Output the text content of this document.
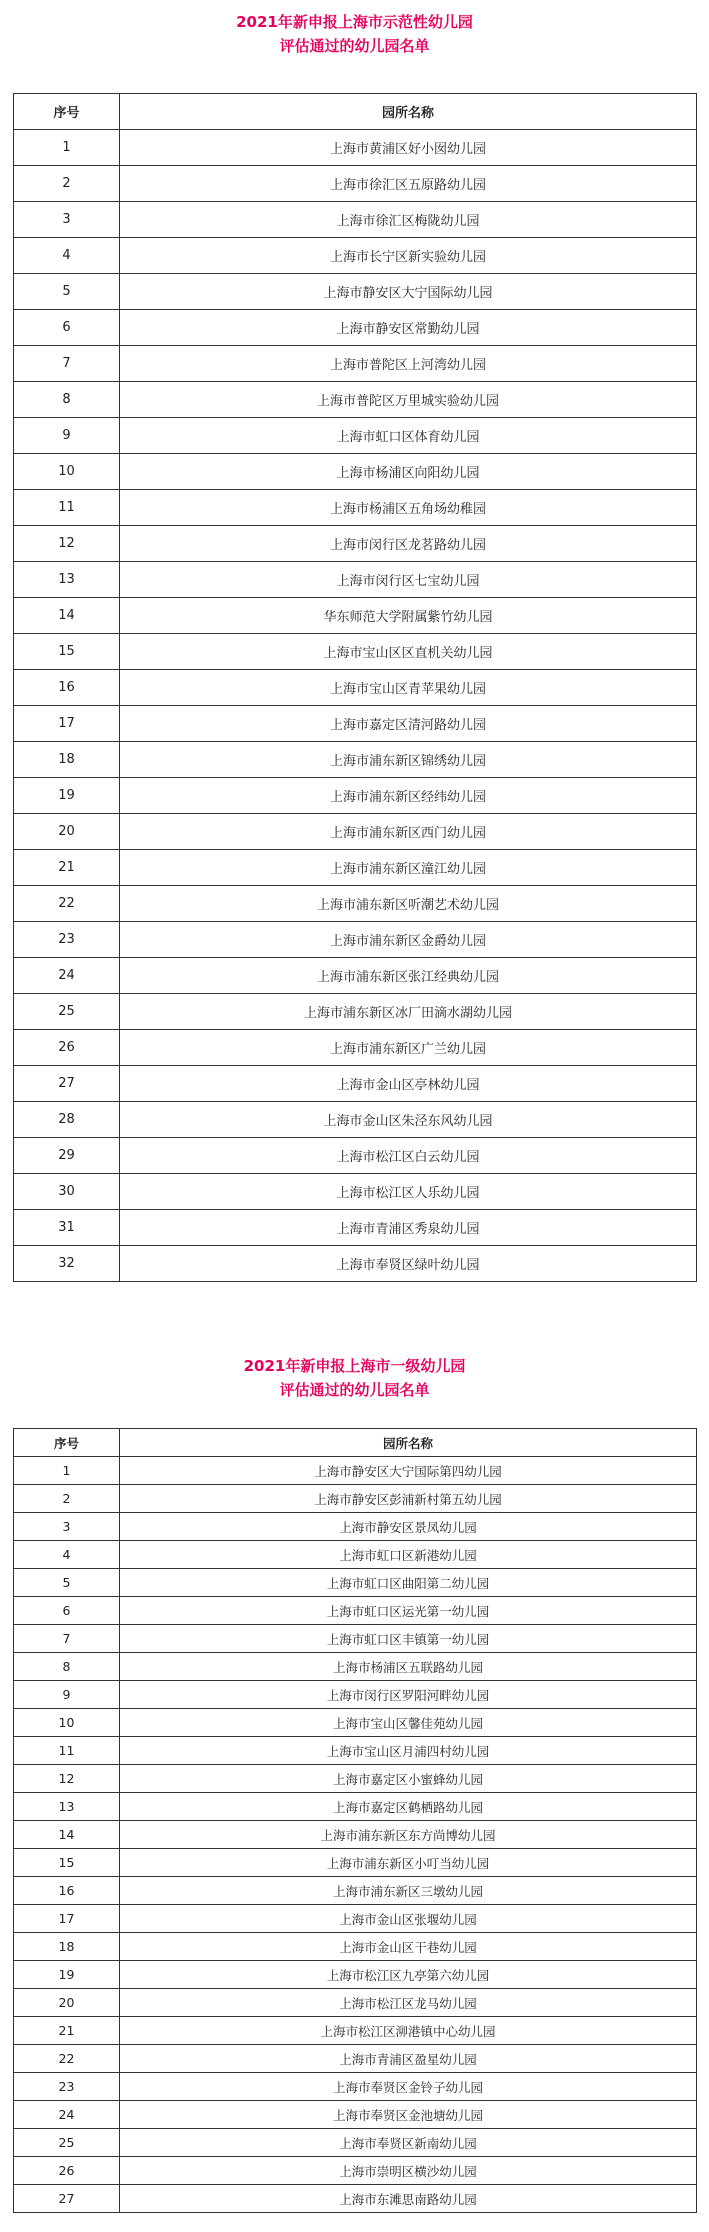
2021年新申报上海市示范性幼儿园
评估通过的幼儿园名单
序号	园所名称
1	上海市黄浦区好小囡幼儿园
2	上海市徐汇区五原路幼儿园
3	上海市徐汇区梅陇幼儿园
4	上海市长宁区新实验幼儿园
5	上海市静安区大宁国际幼儿园
6	上海市静安区常勤幼儿园
7	上海市普陀区上河湾幼儿园
8	上海市普陀区万里城实验幼儿园
9	上海市虹口区体育幼儿园
10	上海市杨浦区向阳幼儿园
11	上海市杨浦区五角场幼稚园
12	上海市闵行区龙茗路幼儿园
13	上海市闵行区七宝幼儿园
14	华东师范大学附属紫竹幼儿园
15	上海市宝山区区直机关幼儿园
16	上海市宝山区青苹果幼儿园
17	上海市嘉定区清河路幼儿园
18	上海市浦东新区锦绣幼儿园
19	上海市浦东新区经纬幼儿园
20	上海市浦东新区西门幼儿园
21	上海市浦东新区潼江幼儿园
22	上海市浦东新区听潮艺术幼儿园
23	上海市浦东新区金爵幼儿园
24	上海市浦东新区张江经典幼儿园
25	上海市浦东新区冰厂田滴水湖幼儿园
26	上海市浦东新区广兰幼儿园
27	上海市金山区亭林幼儿园
28	上海市金山区朱泾东风幼儿园
29	上海市松江区白云幼儿园
30	上海市松江区人乐幼儿园
31	上海市青浦区秀泉幼儿园
32	上海市奉贤区绿叶幼儿园
2021年新申报上海市一级幼儿园
评估通过的幼儿园名单
序号	园所名称
1	上海市静安区大宁国际第四幼儿园
2	上海市静安区彭浦新村第五幼儿园
3	上海市静安区景凤幼儿园
4	上海市虹口区新港幼儿园
5	上海市虹口区曲阳第二幼儿园
6	上海市虹口区运光第一幼儿园
7	上海市虹口区丰镇第一幼儿园
8	上海市杨浦区五联路幼儿园
9	上海市闵行区罗阳河畔幼儿园
10	上海市宝山区馨佳苑幼儿园
11	上海市宝山区月浦四村幼儿园
12	上海市嘉定区小蜜蜂幼儿园
13	上海市嘉定区鹤栖路幼儿园
14	上海市浦东新区东方尚博幼儿园
15	上海市浦东新区小叮当幼儿园
16	上海市浦东新区三墩幼儿园
17	上海市金山区张堰幼儿园
18	上海市金山区干巷幼儿园
19	上海市松江区九亭第六幼儿园
20	上海市松江区龙马幼儿园
21	上海市松江区泖港镇中心幼儿园
22	上海市青浦区盈星幼儿园
23	上海市奉贤区金铃子幼儿园
24	上海市奉贤区金池塘幼儿园
25	上海市奉贤区新南幼儿园
26	上海市崇明区横沙幼儿园
27	上海市东滩思南路幼儿园
